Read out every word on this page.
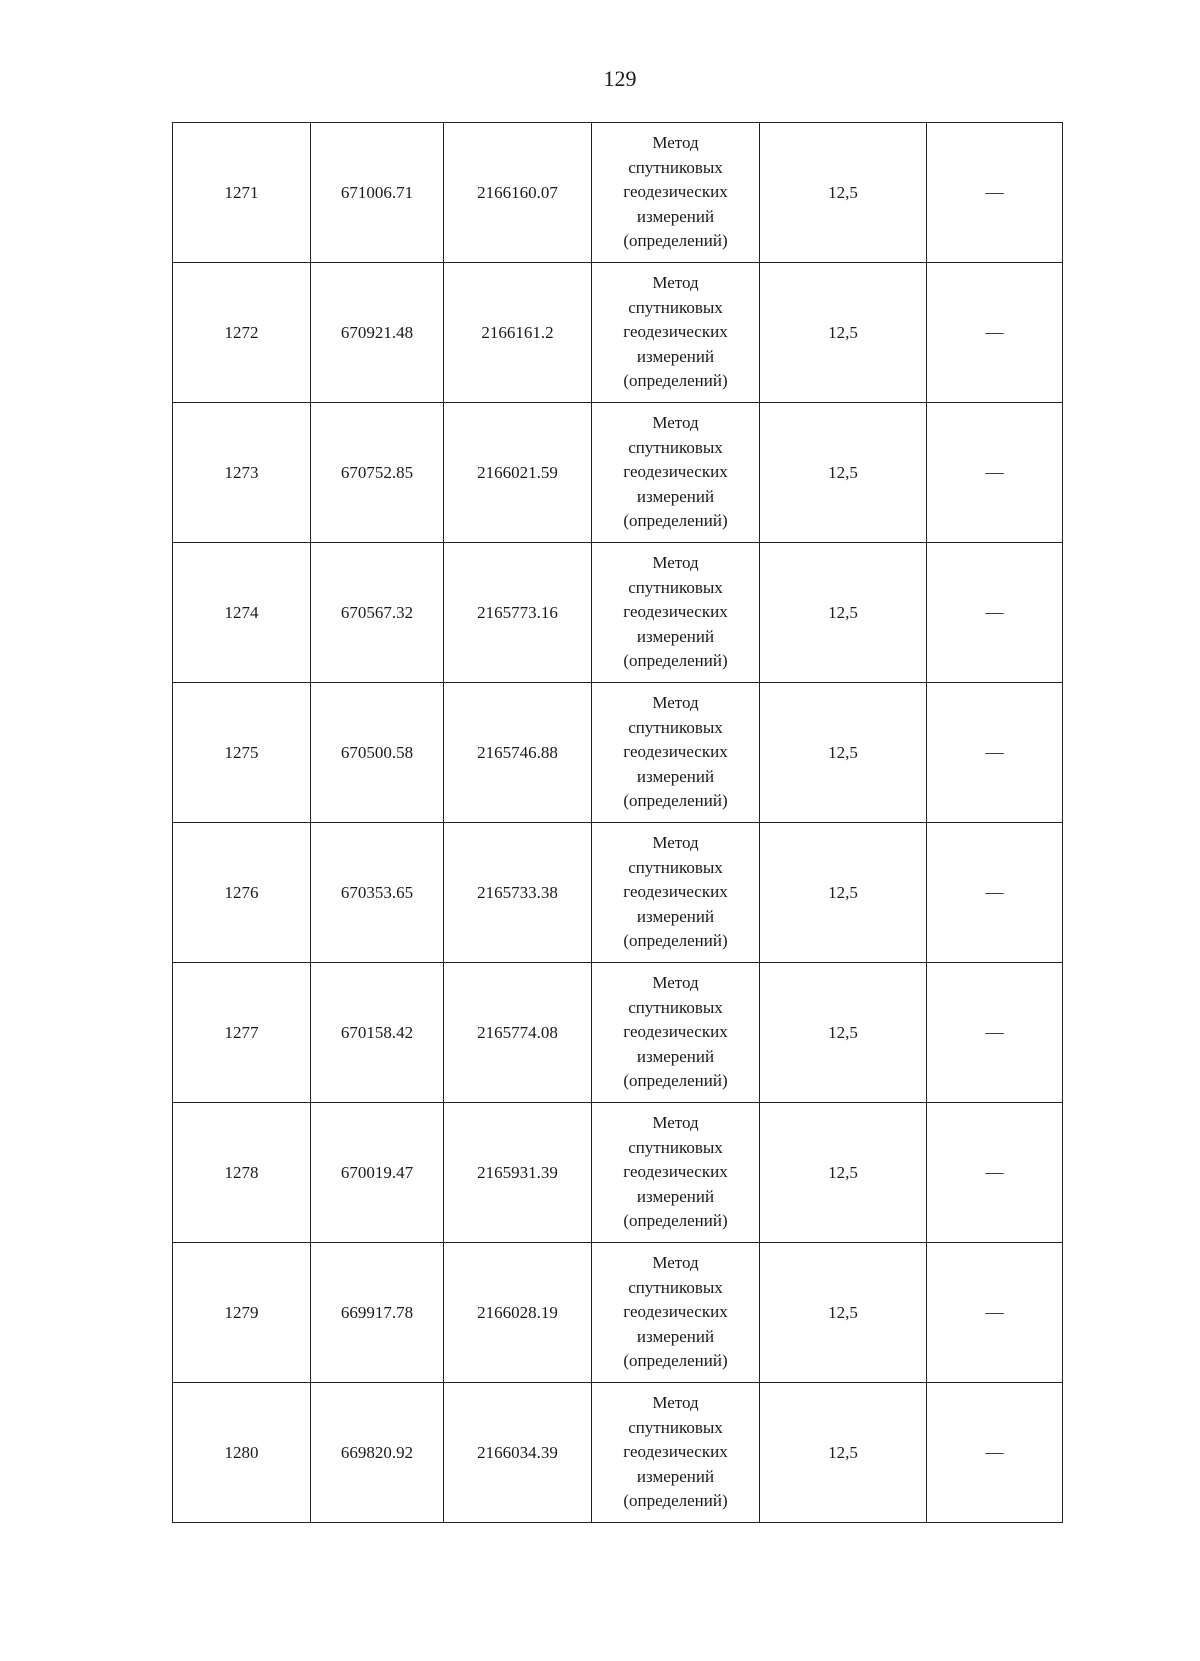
129
1271	671006.71	2166160.07	Метод
спутниковых
геодезических
измерений
(определений)	12,5	—
1272	670921.48	2166161.2	Метод
спутниковых
геодезических
измерений
(определений)	12,5	—
1273	670752.85	2166021.59	Метод
спутниковых
геодезических
измерений
(определений)	12,5	—
1274	670567.32	2165773.16	Метод
спутниковых
геодезических
измерений
(определений)	12,5	—
1275	670500.58	2165746.88	Метод
спутниковых
геодезических
измерений
(определений)	12,5	—
1276	670353.65	2165733.38	Метод
спутниковых
геодезических
измерений
(определений)	12,5	—
1277	670158.42	2165774.08	Метод
спутниковых
геодезических
измерений
(определений)	12,5	—
1278	670019.47	2165931.39	Метод
спутниковых
геодезических
измерений
(определений)	12,5	—
1279	669917.78	2166028.19	Метод
спутниковых
геодезических
измерений
(определений)	12,5	—
1280	669820.92	2166034.39	Метод
спутниковых
геодезических
измерений
(определений)	12,5	—
